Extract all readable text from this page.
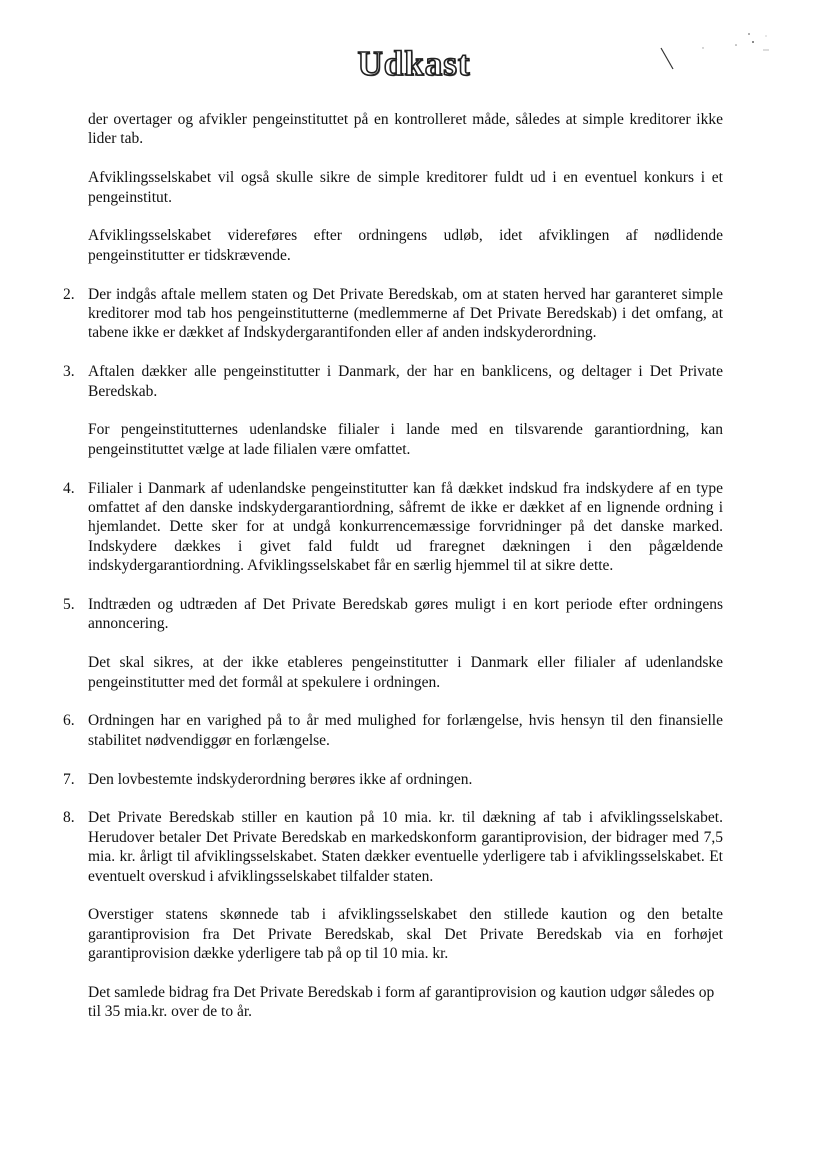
Udkast

der overtager og afvikler pengeinstituttet på en kontrolleret måde, således at simple kreditorer ikke lider tab.

Afviklingsselskabet vil også skulle sikre de simple kreditorer fuldt ud i en eventuel konkurs i et pengeinstitut.

Afviklingsselskabet videreføres efter ordningens udløb, idet afviklingen af nødlidende pengeinstitutter er tidskrævende.

2. Der indgås aftale mellem staten og Det Private Beredskab, om at staten herved har garanteret simple kreditorer mod tab hos pengeinstitutterne (medlemmerne af Det Private Beredskab) i det omfang, at tabene ikke er dækket af Indskydergarantifonden eller af anden indskyderordning.

3. Aftalen dækker alle pengeinstitutter i Danmark, der har en banklicens, og deltager i Det Private Beredskab.

For pengeinstitutternes udenlandske filialer i lande med en tilsvarende garantiordning, kan pengeinstituttet vælge at lade filialen være omfattet.

4. Filialer i Danmark af udenlandske pengeinstitutter kan få dækket indskud fra indskydere af en type omfattet af den danske indskydergarantiordning, såfremt de ikke er dækket af en lignende ordning i hjemlandet. Dette sker for at undgå konkurrencemæssige forvridninger på det danske marked. Indskydere dækkes i givet fald fuldt ud fraregnet dækningen i den pågældende indskydergarantiordning. Afviklingsselskabet får en særlig hjemmel til at sikre dette.

5. Indtræden og udtræden af Det Private Beredskab gøres muligt i en kort periode efter ordningens annoncering.

Det skal sikres, at der ikke etableres pengeinstitutter i Danmark eller filialer af udenlandske pengeinstitutter med det formål at spekulere i ordningen.

6. Ordningen har en varighed på to år med mulighed for forlængelse, hvis hensyn til den finansielle stabilitet nødvendiggør en forlængelse.

7. Den lovbestemte indskyderordning berøres ikke af ordningen.

8. Det Private Beredskab stiller en kaution på 10 mia. kr. til dækning af tab i afviklingsselskabet. Herudover betaler Det Private Beredskab en markedskonform garantiprovision, der bidrager med 7,5 mia. kr. årligt til afviklingsselskabet. Staten dækker eventuelle yderligere tab i afviklingsselskabet. Et eventuelt overskud i afviklingsselskabet tilfalder staten.

Overstiger statens skønnede tab i afviklingsselskabet den stillede kaution og den betalte garantiprovision fra Det Private Beredskab, skal Det Private Beredskab via en forhøjet garantiprovision dække yderligere tab på op til 10 mia. kr.

Det samlede bidrag fra Det Private Beredskab i form af garantiprovision og kaution udgør således op til 35 mia.kr. over de to år.
